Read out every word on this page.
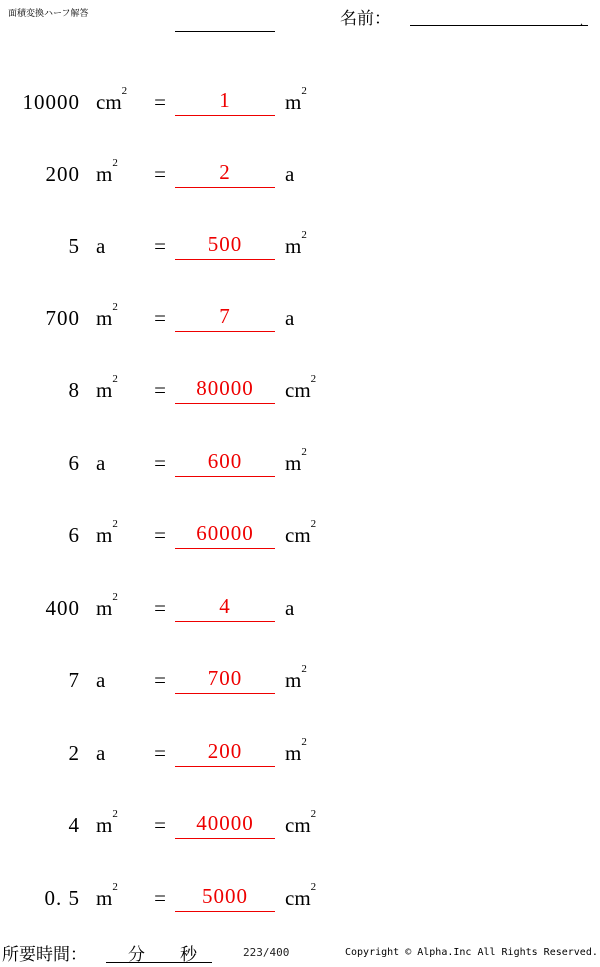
面積変換ハーフ解答	名前：	.
10000 $cm^2$	=	1	$m^2$
200 $m^2$	=	2	a
5 a	=	500	$m^2$
700 $m^2$	=	7	a
8 $m^2$	=	80000	$cm^2$
6 a	=	600	$m^2$
6 $m^2$	=	60000	$cm^2$
400 $m^2$	=	4	a
7 a	=	700	$m^2$
2 a	=	200	$m^2$
4 $m^2$	=	40000	$cm^2$
0. 5 $m^2$	=	5000	$cm^2$
所要時間： 分 秒	223/400	Copyright © Alpha.Inc All Rights Reserved.
